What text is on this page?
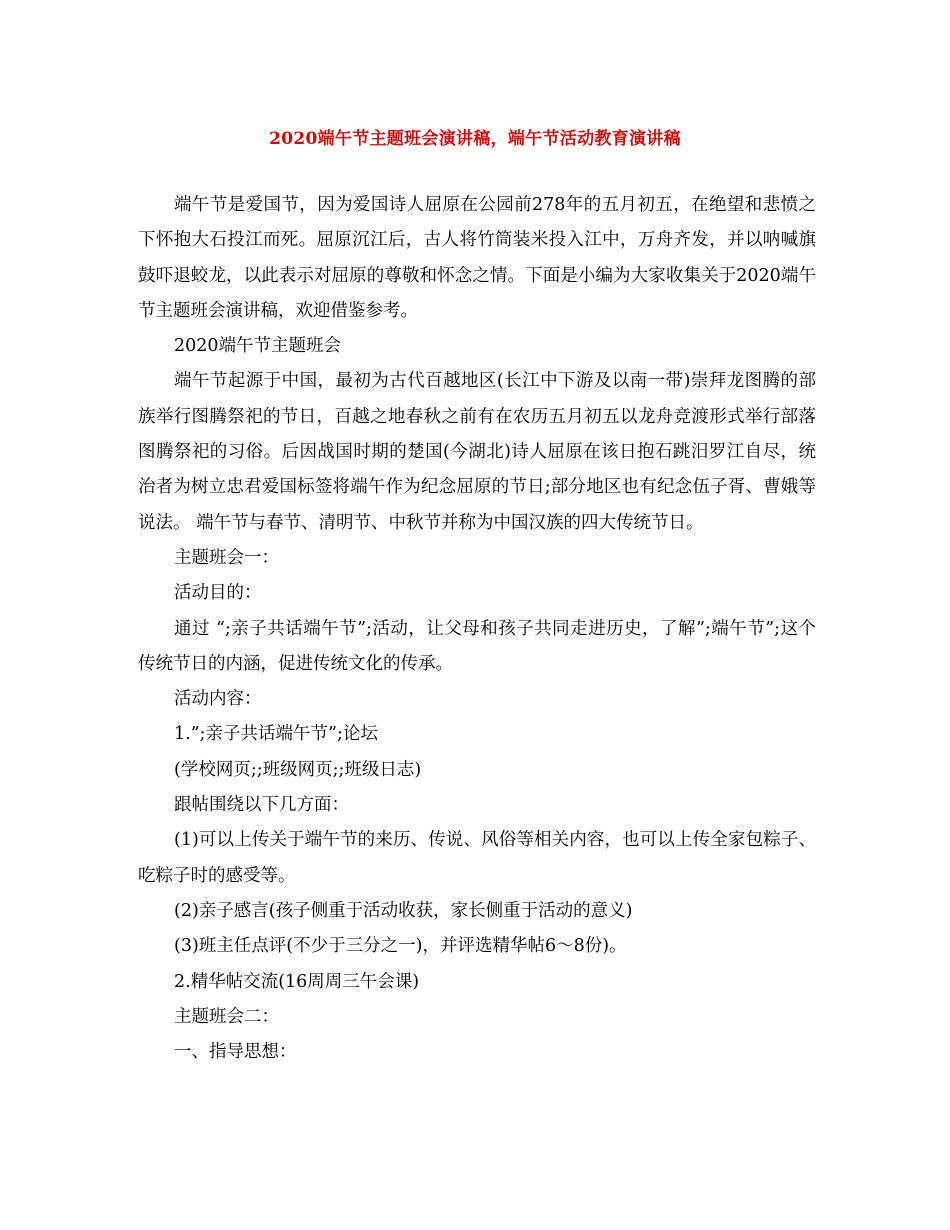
2020端午节主题班会演讲稿，端午节活动教育演讲稿

端午节是爱国节，因为爱国诗人屈原在公园前278年的五月初五，在绝望和悲愤之下怀抱大石投江而死。屈原沉江后，古人将竹筒装米投入江中，万舟齐发，并以呐喊旗鼓吓退蛟龙，以此表示对屈原的尊敬和怀念之情。下面是小编为大家收集关于2020端午节主题班会演讲稿，欢迎借鉴参考。

2020端午节主题班会

端午节起源于中国，最初为古代百越地区(长江中下游及以南一带)崇拜龙图腾的部族举行图腾祭祀的节日，百越之地春秋之前有在农历五月初五以龙舟竞渡形式举行部落图腾祭祀的习俗。后因战国时期的楚国(今湖北)诗人屈原在该日抱石跳汨罗江自尽，统治者为树立忠君爱国标签将端午作为纪念屈原的节日;部分地区也有纪念伍子胥、曹娥等说法。 端午节与春节、清明节、中秋节并称为中国汉族的四大传统节日。

主题班会一：

活动目的：

通过 “;亲子共话端午节”;活动，让父母和孩子共同走进历史，了解”;端午节”;这个传统节日的内涵，促进传统文化的传承。

活动内容：

1.”;亲子共话端午节”;论坛

(学校网页;;班级网页;;班级日志)

跟帖围绕以下几方面：

(1)可以上传关于端午节的来历、传说、风俗等相关内容，也可以上传全家包粽子、吃粽子时的感受等。

(2)亲子感言(孩子侧重于活动收获，家长侧重于活动的意义)

(3)班主任点评(不少于三分之一)，并评选精华帖6～8份)。

2.精华帖交流(16周周三午会课)

主题班会二：

一、指导思想：
